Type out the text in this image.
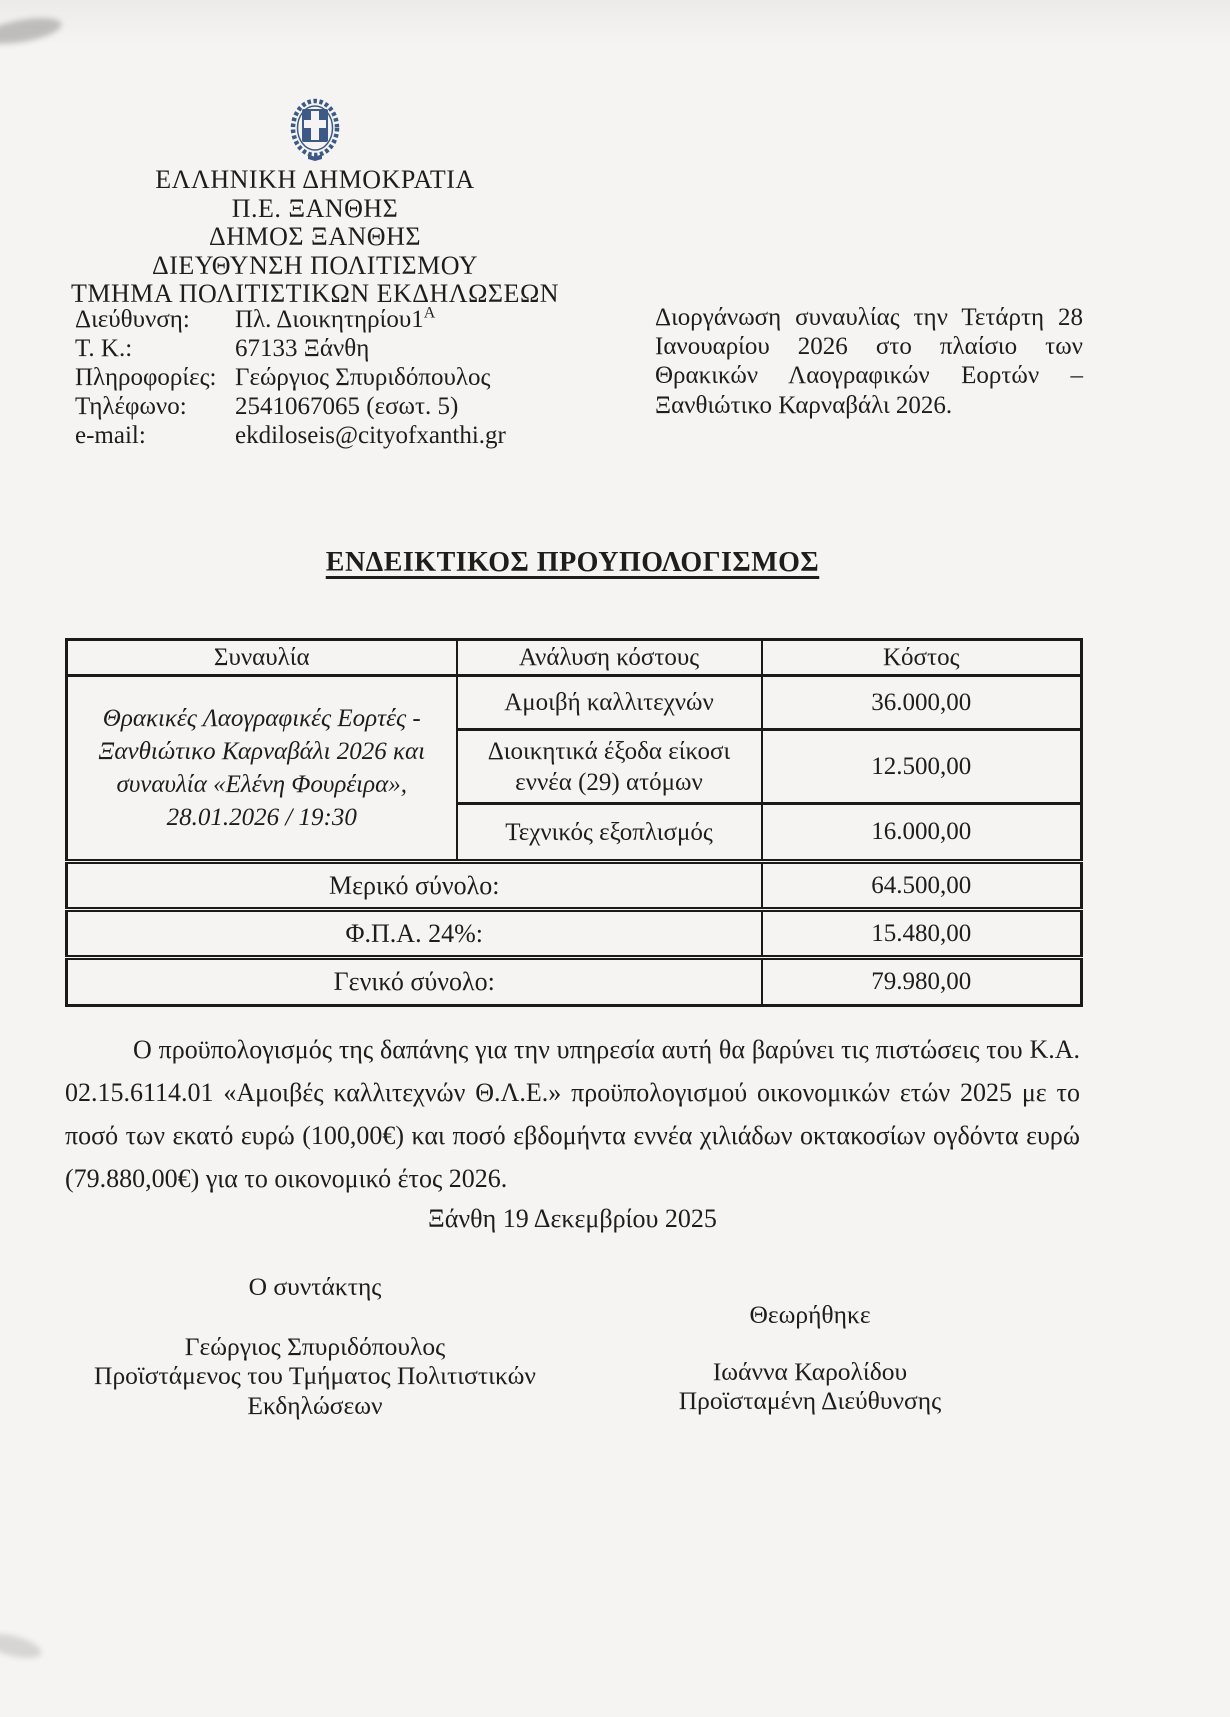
ΕΛΛΗΝΙΚΗ ΔΗΜΟΚΡΑΤΙΑ
Π.Ε. ΞΑΝΘΗΣ
ΔΗΜΟΣ ΞΑΝΘΗΣ
ΔΙΕΥΘΥΝΣΗ ΠΟΛΙΤΙΣΜΟΥ
ΤΜΗΜΑ ΠΟΛΙΤΙΣΤΙΚΩΝ ΕΚΔΗΛΩΣΕΩΝ
Διεύθυνση:	Πλ. $\Delta\iota o\iota\kappa\eta\tau\eta\rho ίo\upsilon 1^A$
Τ. Κ.:	67133 Ξάνθη
Πληροφορίες: Γεώργιος Σπυριδόπουλος
Τηλέφωνο:	2541067065 (εσωτ. 5)
e-mail:	ekdiloseis@cityofxanthi.gr
Διοργάνωση συναυλίας την Τετάρτη 28 Ιανουαρίου 2026 στο πλαίσιο των Θρακικών Λαογραφικών Εορτών – Ξανθιώτικο Καρναβάλι 2026.
ΕΝΔΕΙΚΤΙΚΟΣ ΠΡΟΥΠΟΛΟΓΙΣΜΟΣ
Συναυλία	Ανάλυση κόστους	Κόστος
Θρακικές Λαογραφικές Εορτές - Ξανθιώτικο Καρναβάλι 2026 και συναυλία «Ελένη Φουρέιρα», 28.01.2026 / 19:30	Αμοιβή καλλιτεχνών	36.000,00
	Διοικητικά έξοδα είκοσι εννέα (29) ατόμων	12.500,00
	Τεχνικός εξοπλισμός	16.000,00
Μερικό σύνολο:		64.500,00
Φ.Π.Α. 24%:		15.480,00
Γενικό σύνολο:		79.980,00

Ο προϋπολογισμός της δαπάνης για την υπηρεσία αυτή θα βαρύνει τις πιστώσεις του Κ.Α. 02.15.6114.01 «Αμοιβές καλλιτεχνών Θ.Λ.Ε.» προϋπολογισμού οικονομικών ετών 2025 με το ποσό των εκατό ευρώ (100,00€) και ποσό εβδομήντα εννέα χιλιάδων οκτακοσίων ογδόντα ευρώ (79.880,00€) για το οικονομικό έτος 2026.

Ξάνθη 19 Δεκεμβρίου 2025
Ο συντάκτης
Γεώργιος Σπυριδόπουλος
Προϊστάμενος του Τμήματος Πολιτιστικών Εκδηλώσεων
Θεωρήθηκε
Ιωάννα Καρολίδου
Προϊσταμένη Διεύθυνσης
